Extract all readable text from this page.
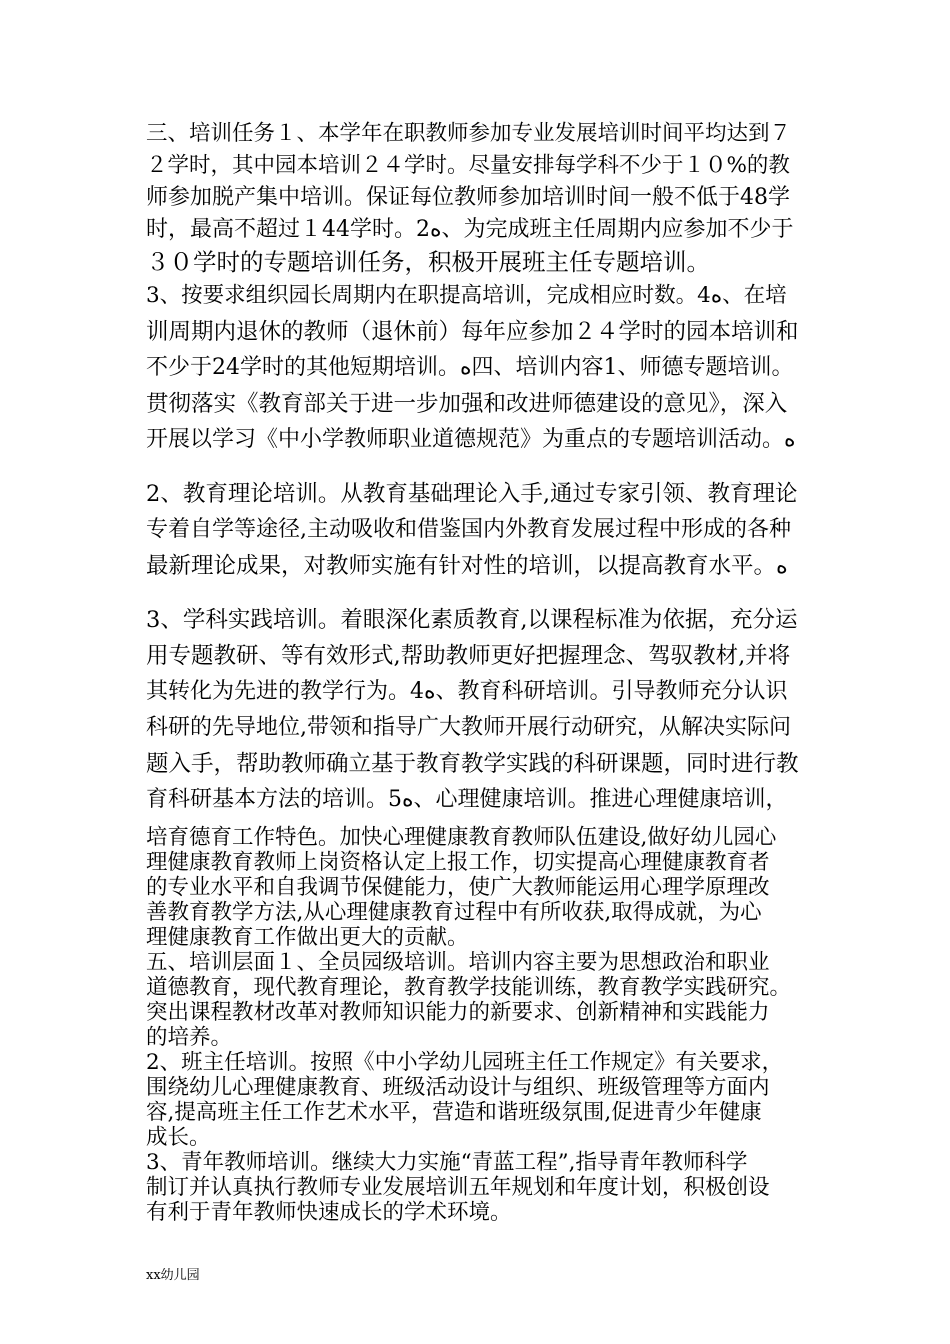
三、培训任务１、本学年在职教师参加专业发展培训时间平均达到７

２学时，其中园本培训２４学时。尽量安排每学科不少于１０%的教

师参加脱产集中培训。保证每位教师参加培训时间一般不低于48学

时，最高不超过１44学时。2ﻩ、为完成班主任周期内应参加不少于

３０学时的专题培训任务，积极开展班主任专题培训。

3、按要求组织园长周期内在职提高培训，完成相应时数。4ﻩ、在培

训周期内退休的教师（退休前）每年应参加２４学时的园本培训和

不少于24学时的其他短期培训。ﻩ四、培训内容1、师德专题培训。

贯彻落实《教育部关于进一步加强和改进师德建设的意见》，深入

开展以学习《中小学教师职业道德规范》为重点的专题培训活动。ﻩ

2、教育理论培训。从教育基础理论入手,通过专家引领、教育理论

专着自学等途径,主动吸收和借鉴国内外教育发展过程中形成的各种

最新理论成果，对教师实施有针对性的培训，以提高教育水平。ﻩ

3、学科实践培训。着眼深化素质教育,以课程标准为依据，充分运

用专题教研、等有效形式,帮助教师更好把握理念、驾驭教材,并将

其转化为先进的教学行为。4ﻩ、教育科研培训。引导教师充分认识

科研的先导地位,带领和指导广大教师开展行动研究，从解决实际问

题入手，帮助教师确立基于教育教学实践的科研课题，同时进行教

育科研基本方法的培训。5ﻩ、心理健康培训。推进心理健康培训，

培育德育工作特色。加快心理健康教育教师队伍建设,做好幼儿园心

理健康教育教师上岗资格认定上报工作，切实提高心理健康教育者

的专业水平和自我调节保健能力，使广大教师能运用心理学原理改

善教育教学方法,从心理健康教育过程中有所收获,取得成就，为心

理健康教育工作做出更大的贡献。

五、培训层面１、全员园级培训。培训内容主要为思想政治和职业

道德教育，现代教育理论，教育教学技能训练，教育教学实践研究。

突出课程教材改革对教师知识能力的新要求、创新精神和实践能力

的培养。

2、班主任培训。按照《中小学幼儿园班主任工作规定》有关要求，

围绕幼儿心理健康教育、班级活动设计与组织、班级管理等方面内

容,提高班主任工作艺术水平，营造和谐班级氛围,促进青少年健康

成长。

3、青年教师培训。继续大力实施“青蓝工程”,指导青年教师科学

制订并认真执行教师专业发展培训五年规划和年度计划，积极创设

有利于青年教师快速成长的学术环境。

xx幼儿园
